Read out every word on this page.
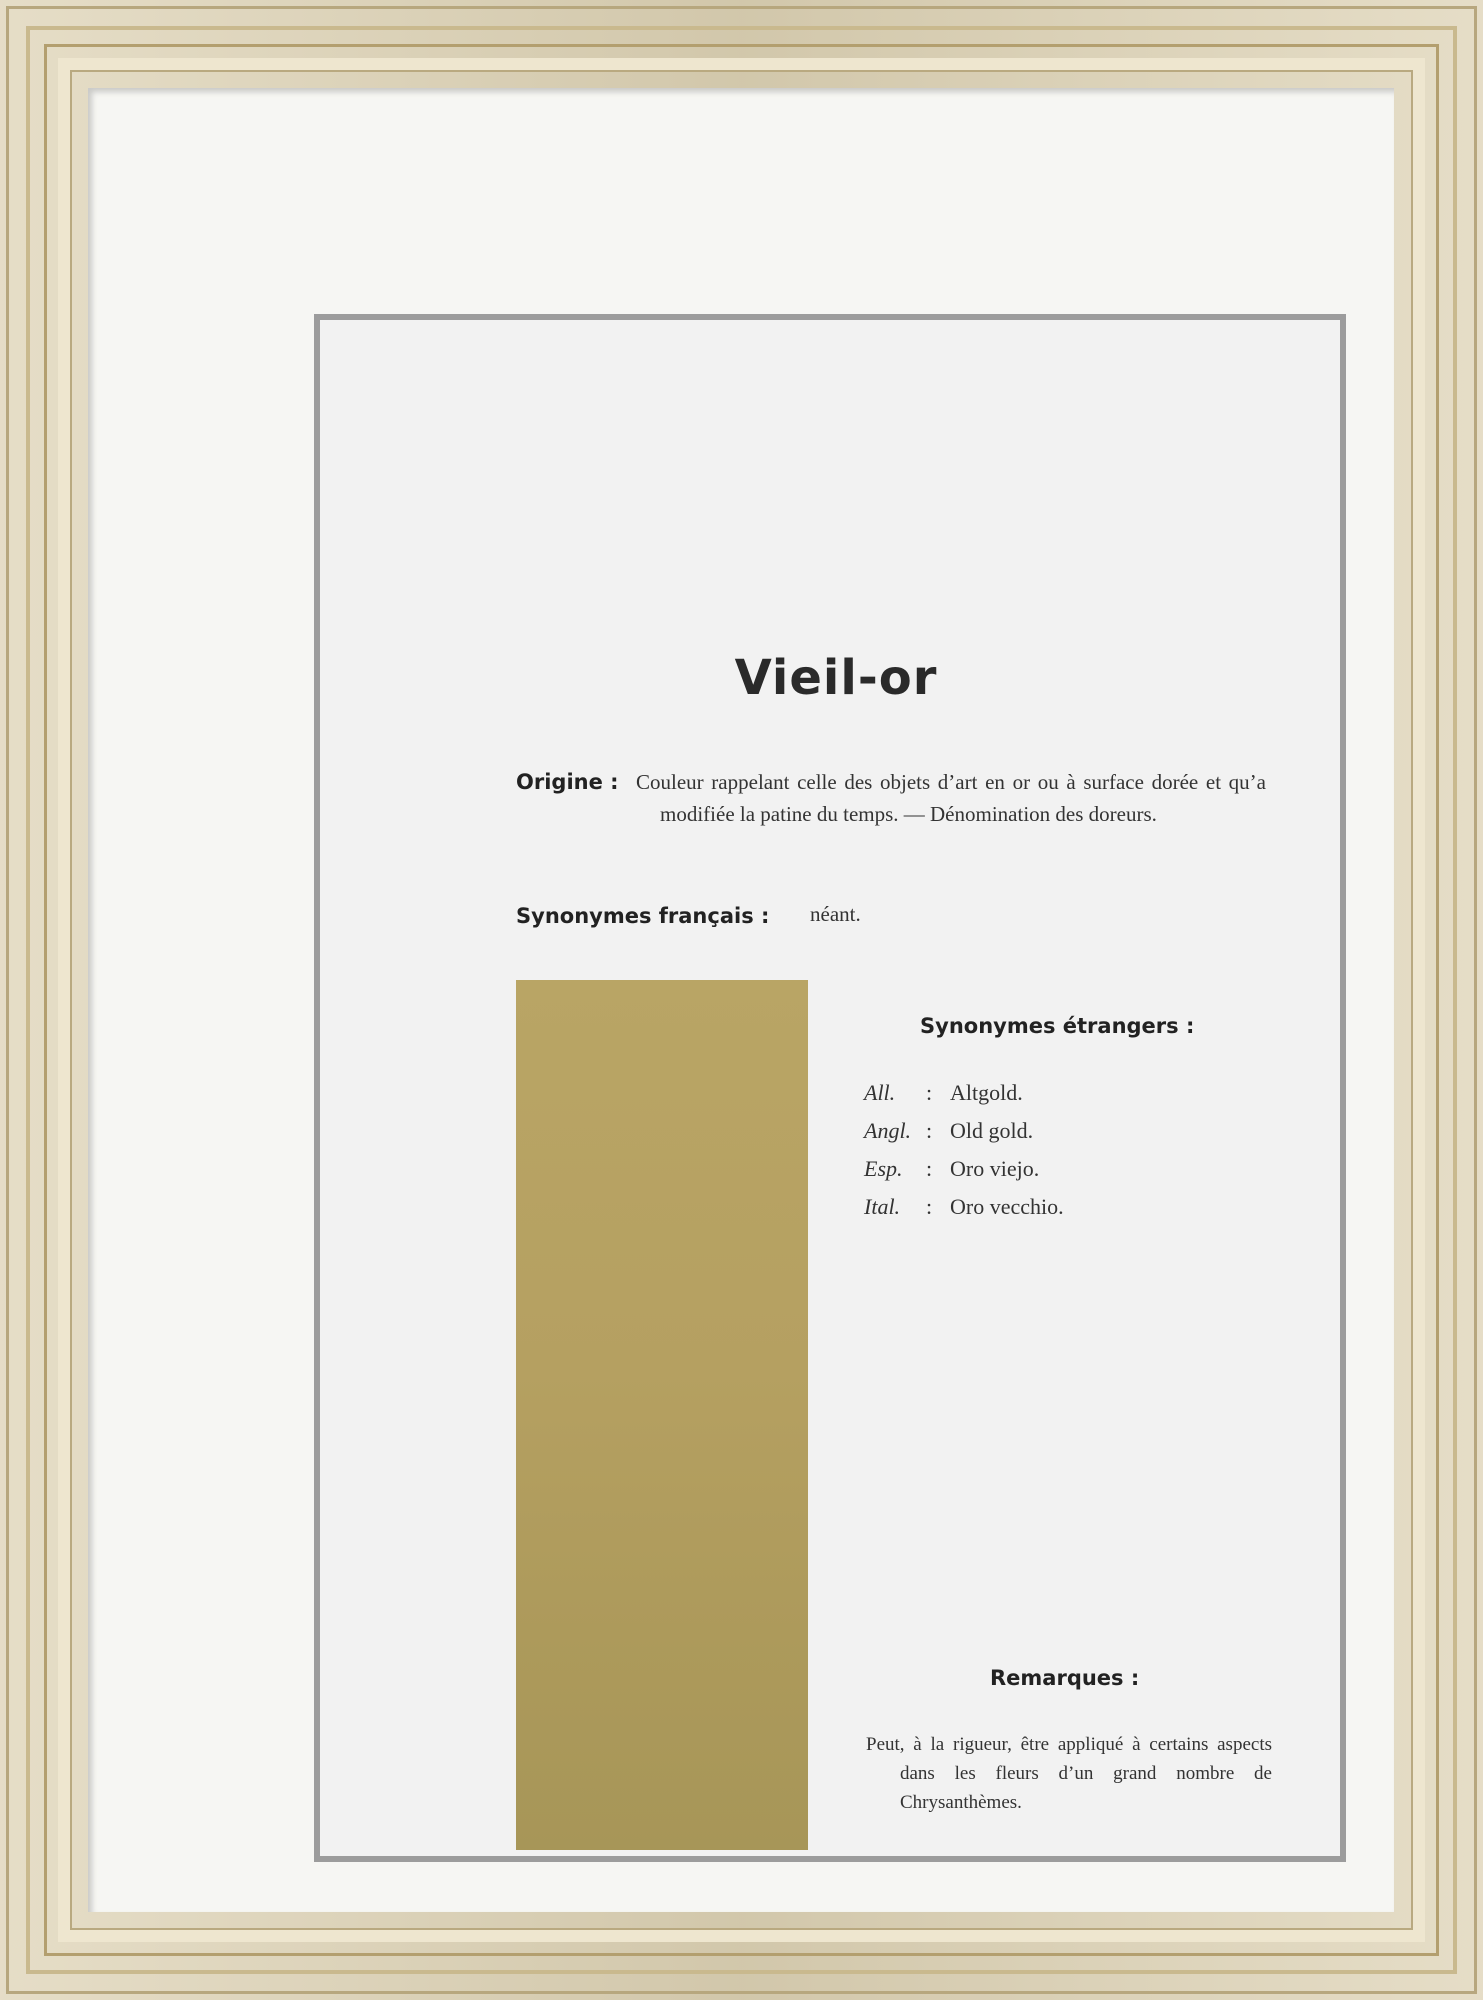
Vieil-or
Origine : Couleur rappelant celle des objets d’art en or ou à surface dorée et qu’a modifiée la patine du temps. — Dénomination des doreurs.
Synonymes français : néant.
Synonymes étrangers :
All.	: Altgold.
Angl. : Old gold.
Esp.	: Oro viejo.
Ital.	: Oro vecchio.
Remarques :
Peut, à la rigueur, être appliqué à certains aspects dans les fleurs d’un grand nombre de Chrysanthèmes.
